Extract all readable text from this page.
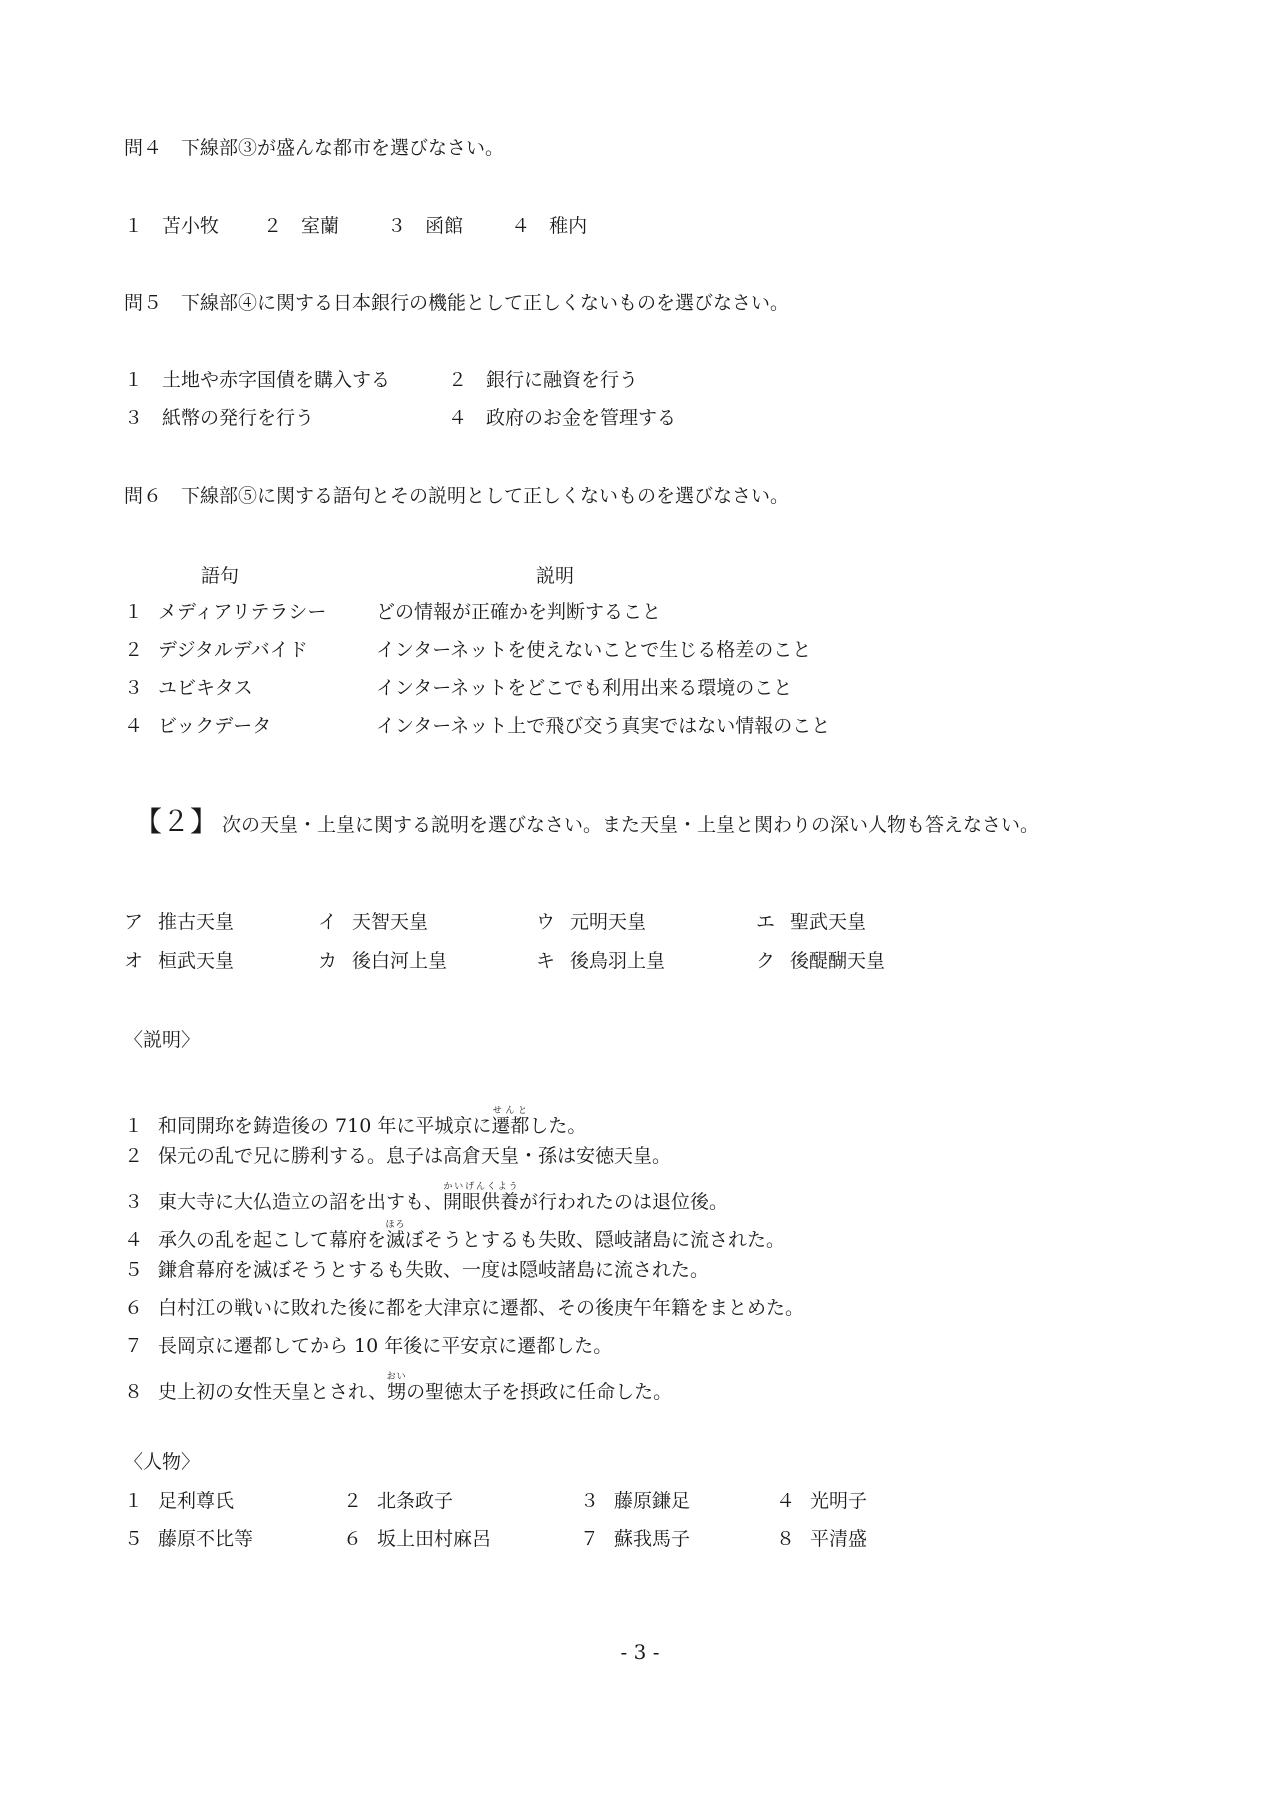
問４　下線部③が盛んな都市を選びなさい。
１　苫小牧 ２　室蘭	３　函館	４　稚内
問５　下線部④に関する日本銀行の機能として正しくないものを選びなさい。
１　土地や赤字国債を購入する	２　銀行に融資を行う
３　紙幣の発行を行う	４　政府のお金を管理する
問６　下線部⑤に関する語句とその説明として正しくないものを選びなさい。
語句	説明
１ メディアリテラシー	どの情報が正確かを判断すること
２ デジタルデバイド	インターネットを使えないことで生じる格差のこと
３ ユビキタス	インターネットをどこでも利用出来る環境のこと
４ ビックデータ	インターネット上で飛び交う真実ではない情報のこと
【２】 次の天皇・上皇に関する説明を選びなさい。また天皇・上皇と関わりの深い人物も答えなさい。
ア 推古天皇	イ 天智天皇	ウ 元明天皇	エ 聖武天皇
オ 桓武天皇	カ 後白河上皇	キ 後鳥羽上皇	ク 後醍醐天皇
〈説明〉
１ 和同開珎を鋳造後の 710 年に平城京に遷都せんとした。
２ 保元の乱で兄に勝利する。息子は高倉天皇・孫は安徳天皇。
３ 東大寺に大仏造立の詔を出すも、開眼供養かいげんくようが行われたのは退位後。
４ 承久の乱を起こして幕府を滅ほろぼそうとするも失敗、隠岐諸島に流された。
５ 鎌倉幕府を滅ぼそうとするも失敗、一度は隠岐諸島に流された。
６ 白村江の戦いに敗れた後に都を大津京に遷都、その後庚午年籍をまとめた。
７ 長岡京に遷都してから 10 年後に平安京に遷都した。
８ 史上初の女性天皇とされ、甥おいの聖徳太子を摂政に任命した。
〈人物〉
１ 足利尊氏	２ 北条政子	３ 藤原鎌足	４ 光明子
５ 藤原不比等	６ 坂上田村麻呂	７ 蘇我馬子	８ 平清盛
- 3 -
